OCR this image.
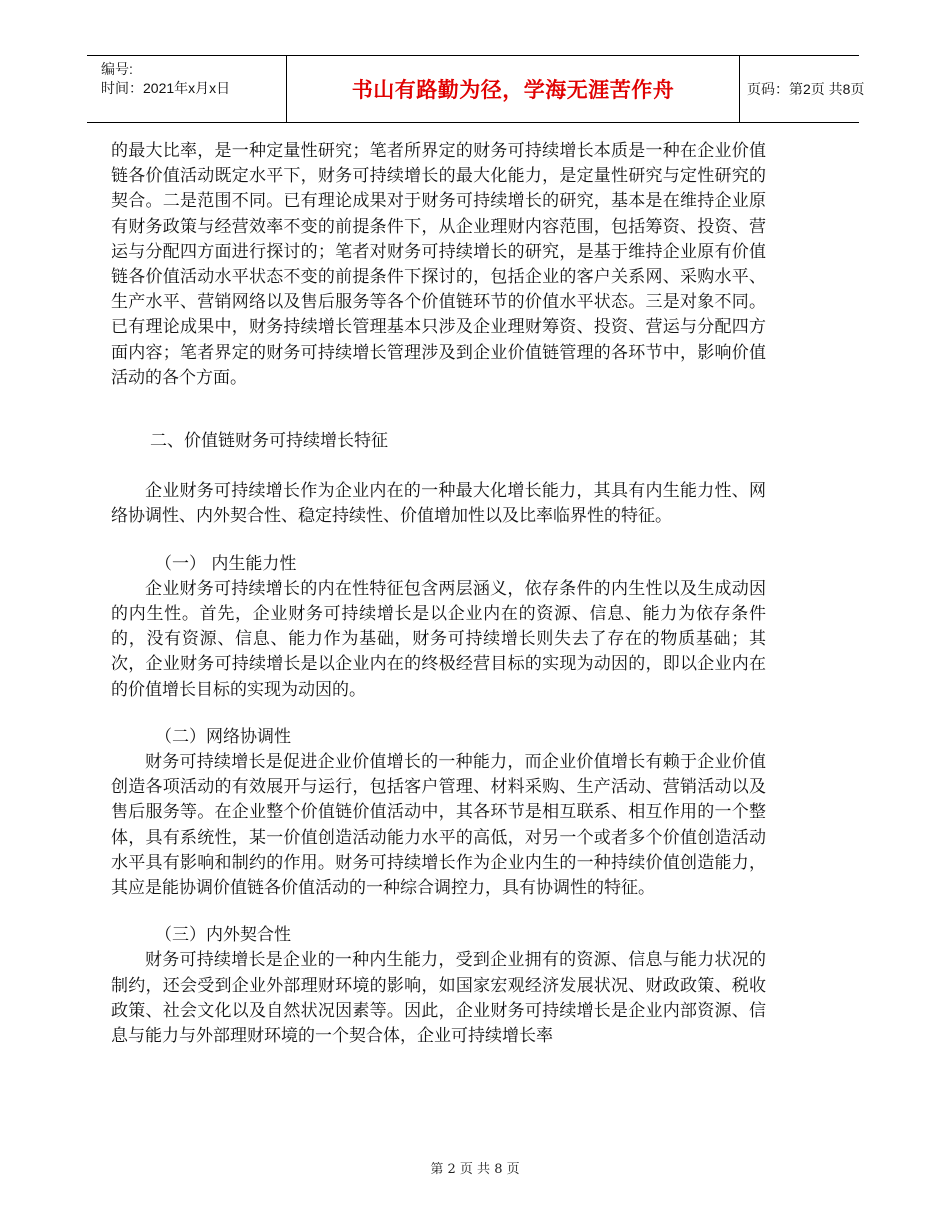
编号:
时间：2021年x月x日	书山有路勤为径，学海无涯苦作舟	页码：第2页 共8页

的最大比率，是一种定量性研究；笔者所界定的财务可持续增长本质是一种在企业价值链各价值活动既定水平下，财务可持续增长的最大化能力，是定量性研究与定性研究的契合。二是范围不同。已有理论成果对于财务可持续增长的研究，基本是在维持企业原有财务政策与经营效率不变的前提条件下，从企业理财内容范围，包括筹资、投资、营运与分配四方面进行探讨的；笔者对财务可持续增长的研究，是基于维持企业原有价值链各价值活动水平状态不变的前提条件下探讨的，包括企业的客户关系网、采购水平、生产水平、营销网络以及售后服务等各个价值链环节的价值水平状态。三是对象不同。已有理论成果中，财务持续增长管理基本只涉及企业理财筹资、投资、营运与分配四方面内容；笔者界定的财务可持续增长管理涉及到企业价值链管理的各环节中，影响价值活动的各个方面。

二、价值链财务可持续增长特征

企业财务可持续增长作为企业内在的一种最大化增长能力，其具有内生能力性、网络协调性、内外契合性、稳定持续性、价值增加性以及比率临界性的特征。

（一） 内生能力性

企业财务可持续增长的内在性特征包含两层涵义，依存条件的内生性以及生成动因的内生性。首先，企业财务可持续增长是以企业内在的资源、信息、能力为依存条件的，没有资源、信息、能力作为基础，财务可持续增长则失去了存在的物质基础；其次，企业财务可持续增长是以企业内在的终极经营目标的实现为动因的，即以企业内在的价值增长目标的实现为动因的。

（二）网络协调性

财务可持续增长是促进企业价值增长的一种能力，而企业价值增长有赖于企业价值创造各项活动的有效展开与运行，包括客户管理、材料采购、生产活动、营销活动以及售后服务等。在企业整个价值链价值活动中，其各环节是相互联系、相互作用的一个整体，具有系统性，某一价值创造活动能力水平的高低，对另一个或者多个价值创造活动水平具有影响和制约的作用。财务可持续增长作为企业内生的一种持续价值创造能力，其应是能协调价值链各价值活动的一种综合调控力，具有协调性的特征。

（三）内外契合性

财务可持续增长是企业的一种内生能力，受到企业拥有的资源、信息与能力状况的制约，还会受到企业外部理财环境的影响，如国家宏观经济发展状况、财政政策、税收政策、社会文化以及自然状况因素等。因此，企业财务可持续增长是企业内部资源、信息与能力与外部理财环境的一个契合体，企业可持续增长率

第 2 页 共 8 页
